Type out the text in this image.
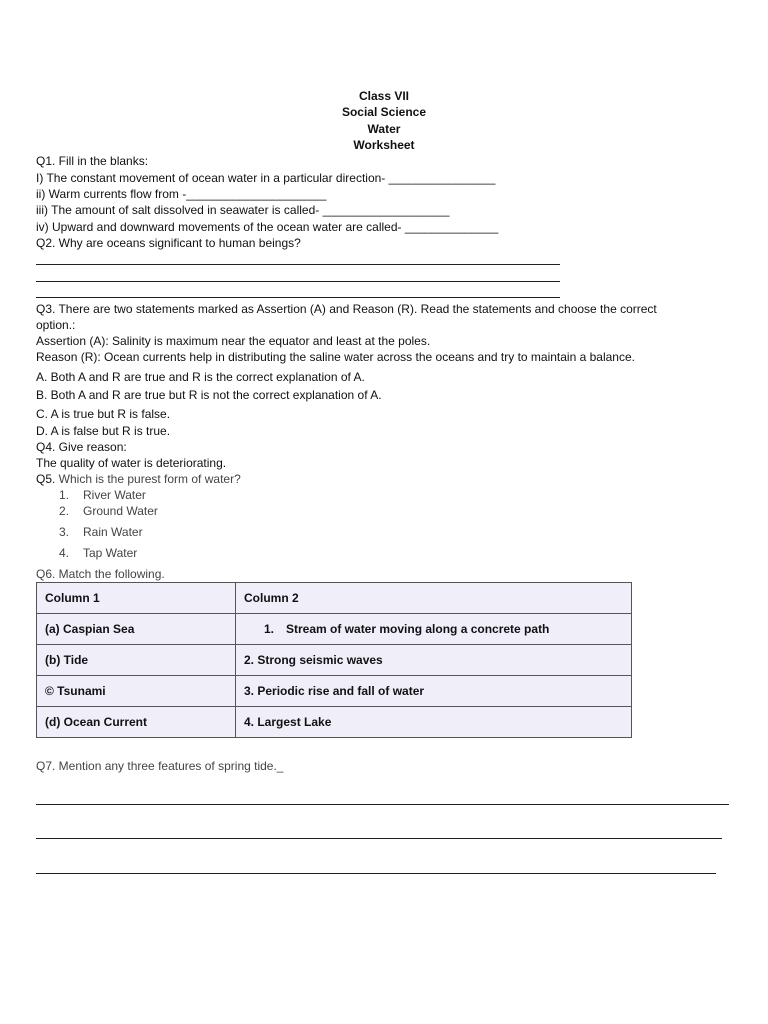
Class VII
Social Science
Water
Worksheet
Q1. Fill in the blanks:
I) The constant movement of ocean water in a particular direction- ________________
ii) Warm currents flow from -_____________________
iii) The amount of salt dissolved in seawater is called- ___________________
iv) Upward and downward movements of the ocean water are called- ______________
Q2. Why are oceans significant to human beings?
Q3. There are two statements marked as Assertion (A) and Reason (R). Read the statements and choose the correct
option.:
Assertion (A): Salinity is maximum near the equator and least at the poles.
Reason (R): Ocean currents help in distributing the saline water across the oceans and try to maintain a balance.
A. Both A and R are true and R is the correct explanation of A.
B. Both A and R are true but R is not the correct explanation of A.
C. A is true but R is false.
D. A is false but R is true.
Q4. Give reason:
The quality of water is deteriorating.
Q5. Which is the purest form of water?
1. River Water
2. Ground Water
3. Rain Water
4. Tap Water
Q6. Match the following.
Column 1	Column 2
(a) Caspian Sea	1. Stream of water moving along a concrete path
(b) Tide	2. Strong seismic waves
© Tsunami	3. Periodic rise and fall of water
(d) Ocean Current	4. Largest Lake
Q7. Mention any three features of spring tide._
